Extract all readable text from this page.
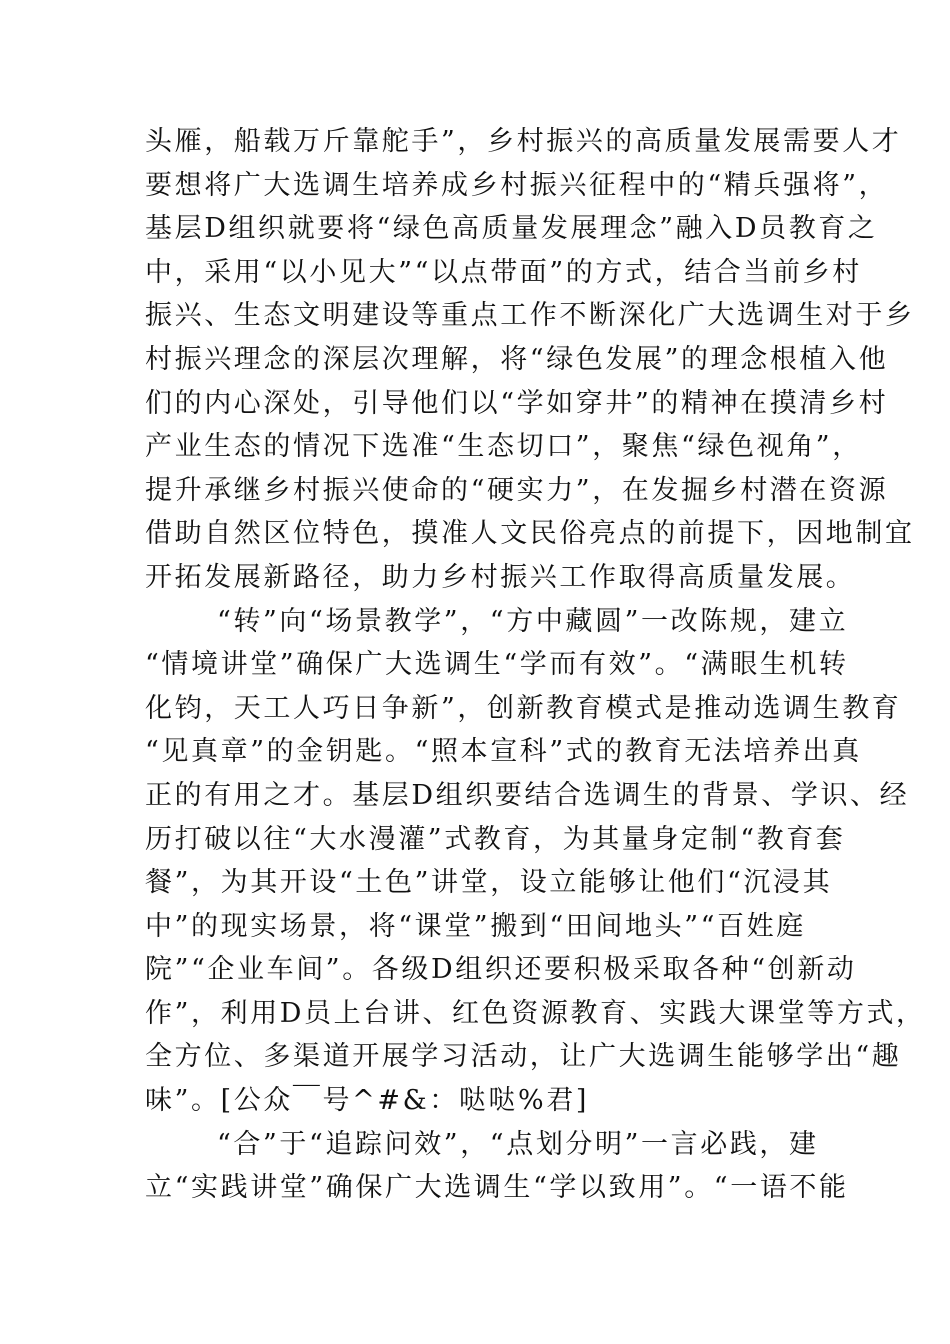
头雁，船载万斤靠舵手”，乡村振兴的高质量发展需要人才
要想将广大选调生培养成乡村振兴征程中的“精兵强将”，
基层D组织就要将“绿色高质量发展理念”融入D员教育之
中，采用“以小见大”“以点带面”的方式，结合当前乡村
振兴、生态文明建设等重点工作不断深化广大选调生对于乡
村振兴理念的深层次理解，将“绿色发展”的理念根植入他
们的内心深处，引导他们以“学如穿井”的精神在摸清乡村
产业生态的情况下选准“生态切口”，聚焦“绿色视角”，
提升承继乡村振兴使命的“硬实力”，在发掘乡村潜在资源
借助自然区位特色，摸准人文民俗亮点的前提下，因地制宜
开拓发展新路径，助力乡村振兴工作取得高质量发展。
“转”向“场景教学”，“方中藏圆”一改陈规，建立
“情境讲堂”确保广大选调生“学而有效”。“满眼生机转
化钧，天工人巧日争新”，创新教育模式是推动选调生教育
“见真章”的金钥匙。“照本宣科”式的教育无法培养出真
正的有用之才。基层D组织要结合选调生的背景、学识、经
历打破以往“大水漫灌”式教育，为其量身定制“教育套
餐”，为其开设“土色”讲堂，设立能够让他们“沉浸其
中”的现实场景，将“课堂”搬到“田间地头”“百姓庭
院”“企业车间”。各级D组织还要积极采取各种“创新动
作”，利用D员上台讲、红色资源教育、实践大课堂等方式，
全方位、多渠道开展学习活动，让广大选调生能够学出“趣
味”。[公众￣号^#&：哒哒%君]
“合”于“追踪问效”，“点划分明”一言必践，建
立“实践讲堂”确保广大选调生“学以致用”。“一语不能
